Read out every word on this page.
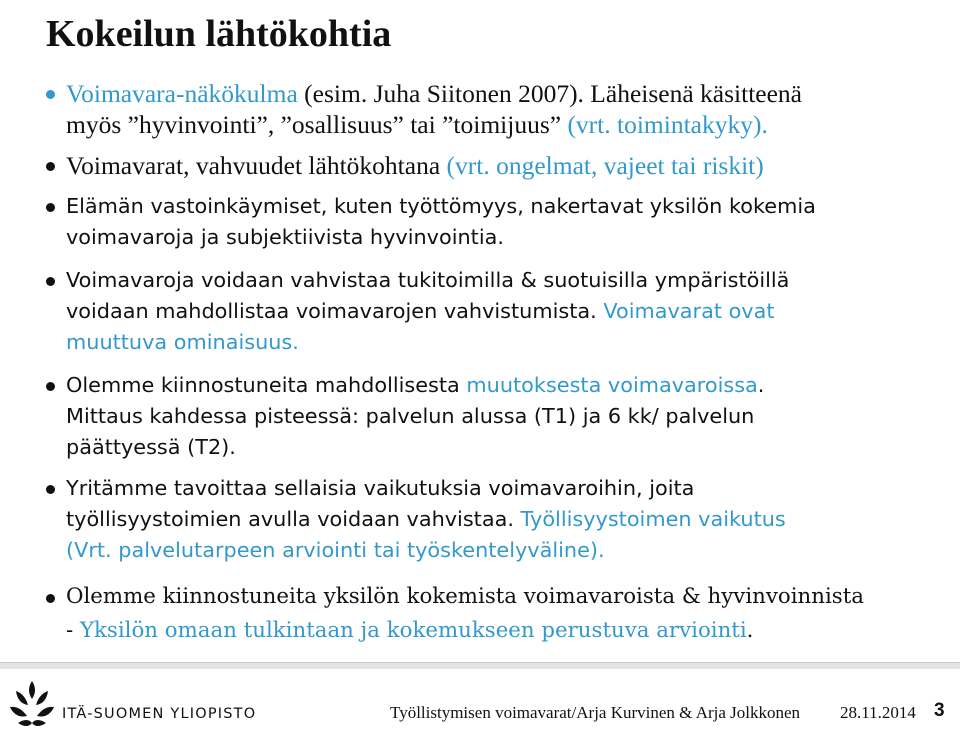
Kokeilun lähtökohtia
Voimavara-näkökulma (esim. Juha Siitonen 2007). Läheisenä käsitteenä
myös ”hyvinvointi”, ”osallisuus” tai ”toimijuus” (vrt. toimintakyky).
Voimavarat, vahvuudet lähtökohtana (vrt. ongelmat, vajeet tai riskit)
Elämän vastoinkäymiset, kuten työttömyys, nakertavat yksilön kokemia
voimavaroja ja subjektiivista hyvinvointia.
Voimavaroja voidaan vahvistaa tukitoimilla & suotuisilla ympäristöillä
voidaan mahdollistaa voimavarojen vahvistumista. Voimavarat ovat
muuttuva ominaisuus.
Olemme kiinnostuneita mahdollisesta muutoksesta voimavaroissa.
Mittaus kahdessa pisteessä: palvelun alussa (T1) ja 6 kk/ palvelun
päättyessä (T2).
Yritämme tavoittaa sellaisia vaikutuksia voimavaroihin, joita
työllisyystoimien avulla voidaan vahvistaa. Työllisyystoimen vaikutus
(Vrt. palvelutarpeen arviointi tai työskentelyväline).
Olemme kiinnostuneita yksilön kokemista voimavaroista & hyvinvoinnista
- Yksilön omaan tulkintaan ja kokemukseen perustuva arviointi.
ITÄ-SUOMEN YLIOPISTO	Työllistymisen voimavarat/Arja Kurvinen & Arja Jolkkonen 28.11.2014 3
